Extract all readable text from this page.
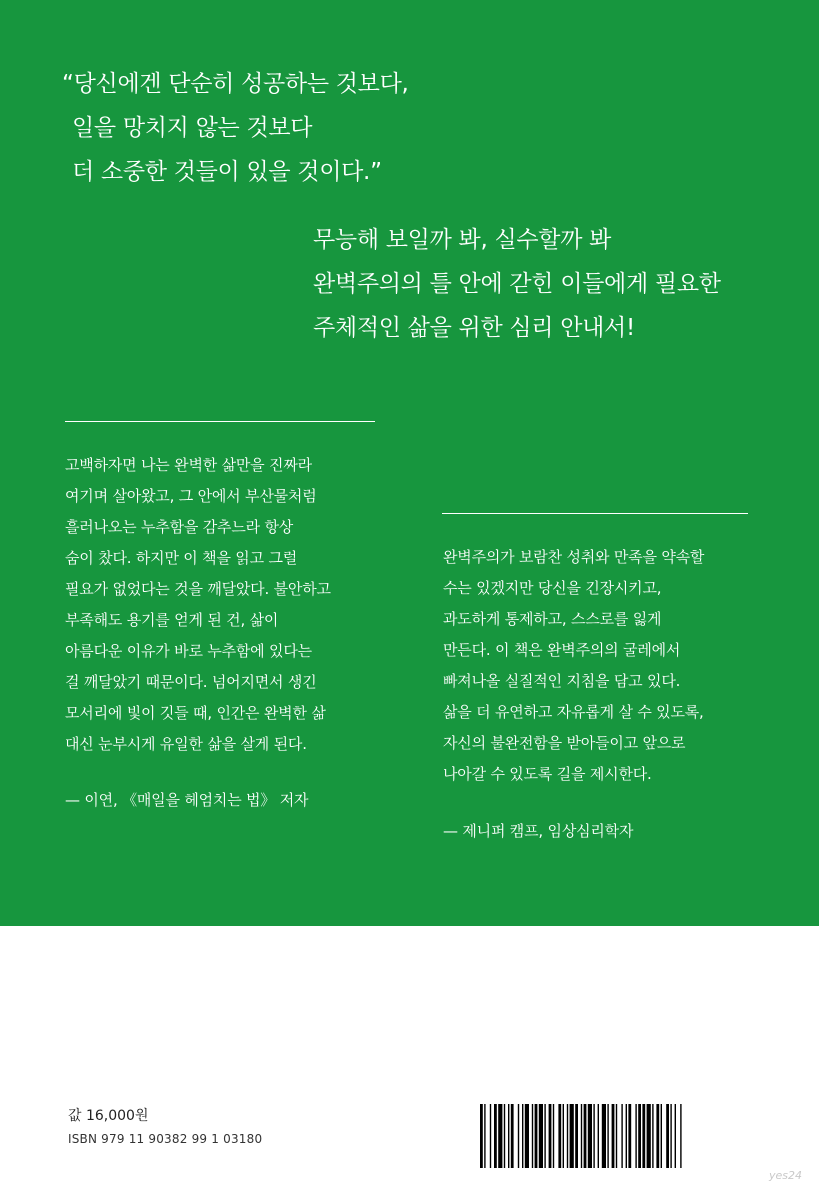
“당신에겐 단순히 성공하는 것보다,
일을 망치지 않는 것보다
더 소중한 것들이 있을 것이다.”
무능해 보일까 봐, 실수할까 봐
완벽주의의 틀 안에 갇힌 이들에게 필요한
주체적인 삶을 위한 심리 안내서!
고백하자면 나는 완벽한 삶만을 진짜라
여기며 살아왔고, 그 안에서 부산물처럼
흘러나오는 누추함을 감추느라 항상
숨이 찼다. 하지만 이 책을 읽고 그럴
필요가 없었다는 것을 깨달았다. 불안하고
부족해도 용기를 얻게 된 건, 삶이
아름다운 이유가 바로 누추함에 있다는
걸 깨달았기 때문이다. 넘어지면서 생긴
모서리에 빛이 깃들 때, 인간은 완벽한 삶
대신 눈부시게 유일한 삶을 살게 된다.
— 이연, 《매일을 헤엄치는 법》 저자
완벽주의가 보람찬 성취와 만족을 약속할
수는 있겠지만 당신을 긴장시키고,
과도하게 통제하고, 스스로를 잃게
만든다. 이 책은 완벽주의의 굴레에서
빠져나올 실질적인 지침을 담고 있다.
삶을 더 유연하고 자유롭게 살 수 있도록,
자신의 불완전함을 받아들이고 앞으로
나아갈 수 있도록 길을 제시한다.
— 제니퍼 캠프, 임상심리학자
값 16,000원
ISBN 979 11 90382 99 1 03180
yes24
